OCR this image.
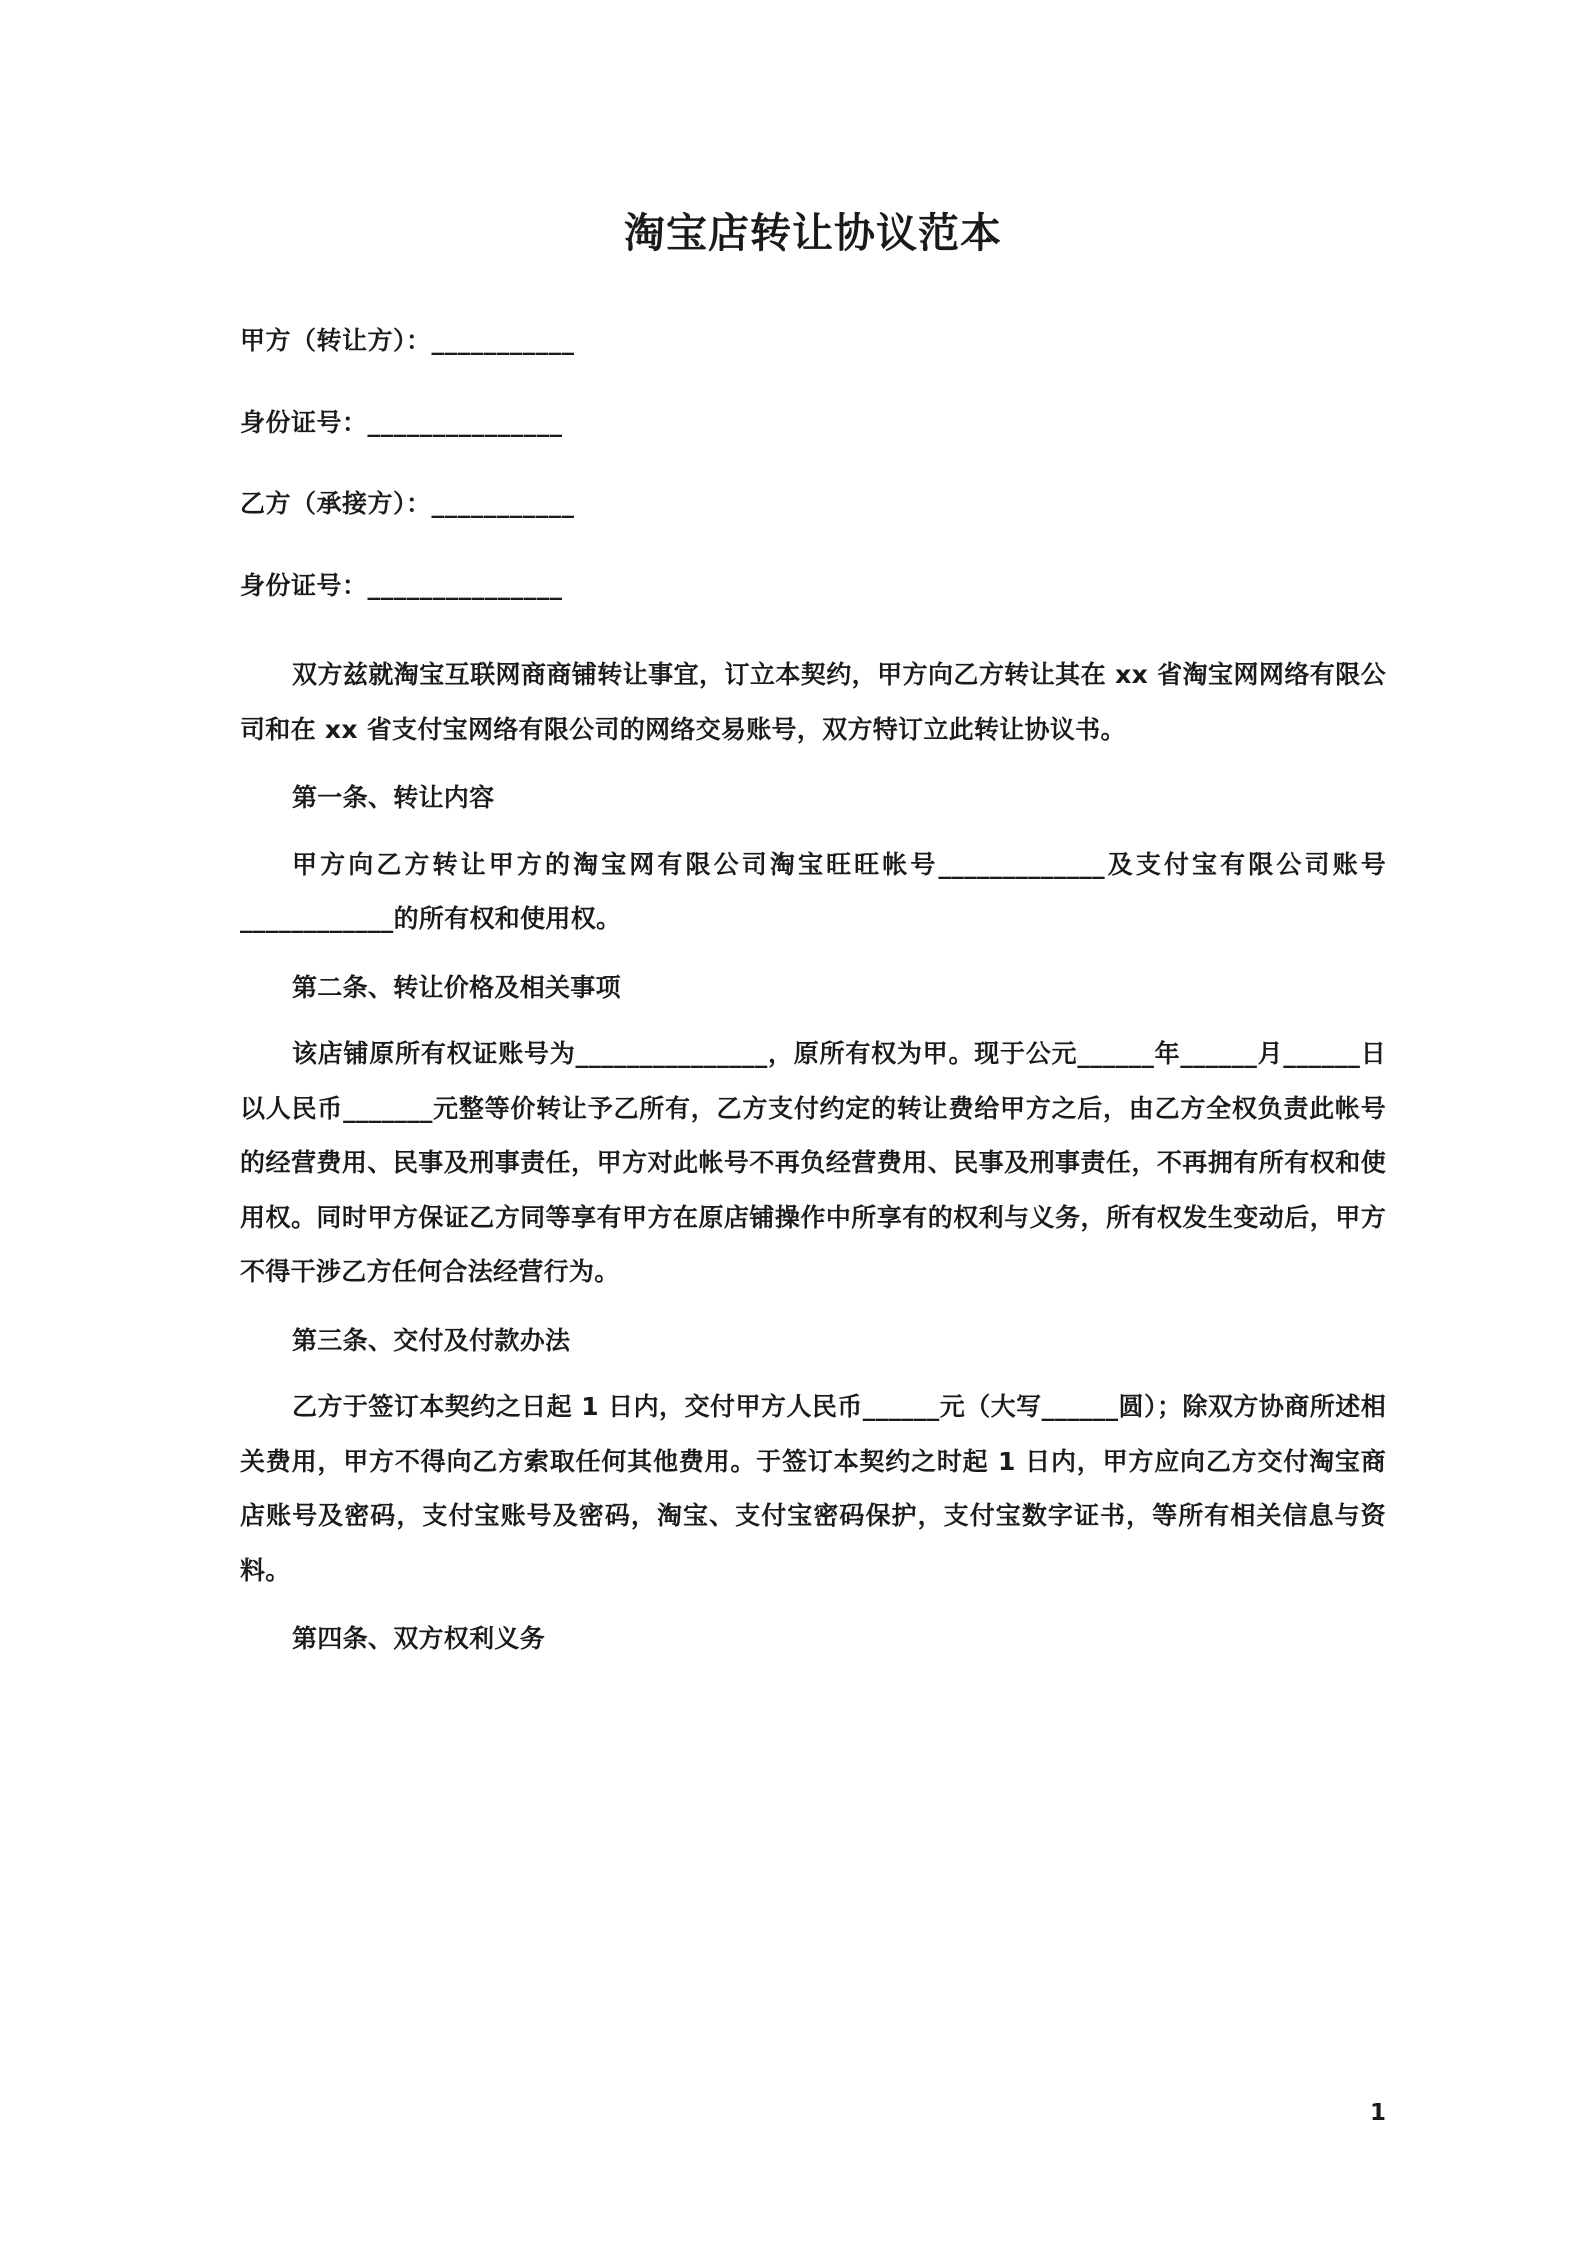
淘宝店转让协议范本
甲方（转让方）：___________
身份证号：_______________
乙方（承接方）：___________
身份证号：_______________

双方兹就淘宝互联网商商铺转让事宜，订立本契约，甲方向乙方转让其在 xx 省淘宝网网络有限公司和在 xx 省支付宝网络有限公司的网络交易账号，双方特订立此转让协议书。

第一条、转让内容

甲方向乙方转让甲方的淘宝网有限公司淘宝旺旺帐号_____________及支付宝有限公司账号____________的所有权和使用权。

第二条、转让价格及相关事项

该店铺原所有权证账号为_______________，原所有权为甲。现于公元______年______月______日以人民币_______元整等价转让予乙所有，乙方支付约定的转让费给甲方之后，由乙方全权负责此帐号的经营费用、民事及刑事责任，甲方对此帐号不再负经营费用、民事及刑事责任，不再拥有所有权和使用权。同时甲方保证乙方同等享有甲方在原店铺操作中所享有的权利与义务，所有权发生变动后，甲方不得干涉乙方任何合法经营行为。

第三条、交付及付款办法

乙方于签订本契约之日起 1 日内，交付甲方人民币______元（大写______圆）；除双方协商所述相关费用，甲方不得向乙方索取任何其他费用。于签订本契约之时起 1 日内，甲方应向乙方交付淘宝商店账号及密码，支付宝账号及密码，淘宝、支付宝密码保护，支付宝数字证书，等所有相关信息与资料。

第四条、双方权利义务

1
